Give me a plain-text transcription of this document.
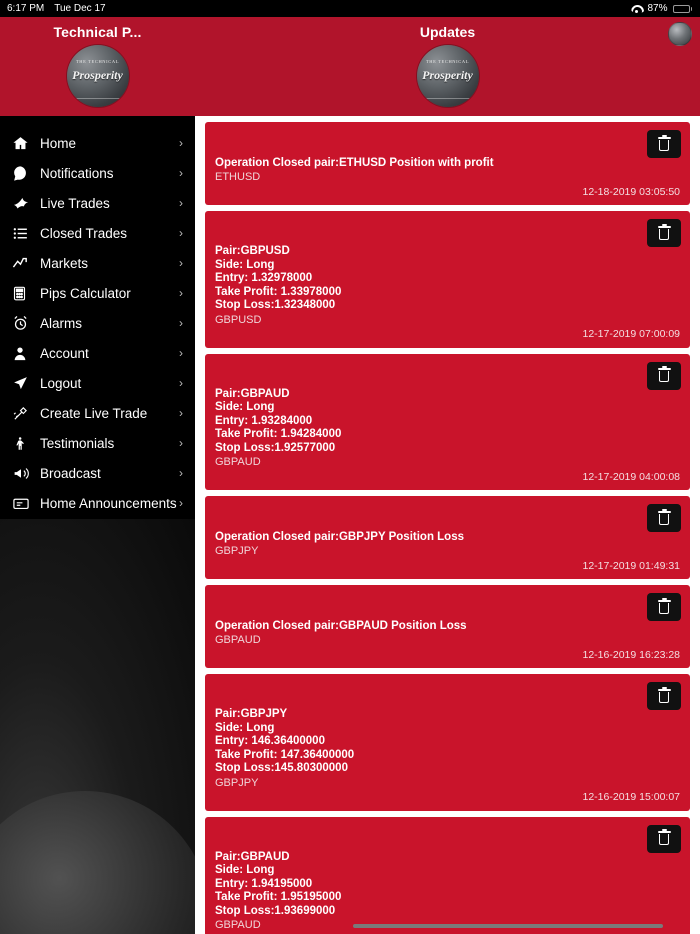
6:17 PM Tue Dec 17	87%
Technical P...
THE TECHNICAL
Prosperity
Home	›
Notifications	›
Live Trades	›
Closed Trades	›
Markets	›
Pips Calculator	›
Alarms	›
Account	›
Logout	›
Create Live Trade	›
Testimonials	›
Broadcast	›
Home Announcements ›
Updates
THE TECHNICAL
Prosperity
Operation Closed pair:ETHUSD Position with profit
ETHUSD
12-18-2019 03:05:50
Pair:GBPUSD
Side: Long
Entry: 1.32978000
Take Profit: 1.33978000
Stop Loss:1.32348000
GBPUSD
12-17-2019 07:00:09
Pair:GBPAUD
Side: Long
Entry: 1.93284000
Take Profit: 1.94284000
Stop Loss:1.92577000
GBPAUD
12-17-2019 04:00:08
Operation Closed pair:GBPJPY Position Loss
GBPJPY
12-17-2019 01:49:31
Operation Closed pair:GBPAUD Position Loss
GBPAUD
12-16-2019 16:23:28
Pair:GBPJPY
Side: Long
Entry: 146.36400000
Take Profit: 147.36400000
Stop Loss:145.80300000
GBPJPY
12-16-2019 15:00:07
Pair:GBPAUD
Side: Long
Entry: 1.94195000
Take Profit: 1.95195000
Stop Loss:1.93699000
GBPAUD
